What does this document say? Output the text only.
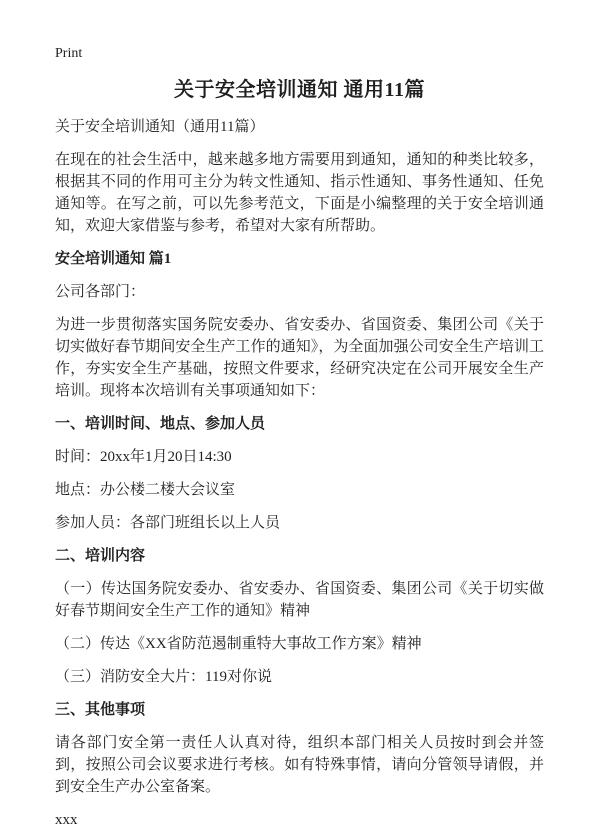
Print
关于安全培训通知 通用11篇

关于安全培训通知（通用11篇）

在现在的社会生活中，越来越多地方需要用到通知，通知的种类比较多，根据其不同的作用可主分为转文性通知、指示性通知、事务性通知、任免通知等。在写之前，可以先参考范文，下面是小编整理的关于安全培训通知，欢迎大家借鉴与参考，希望对大家有所帮助。

安全培训通知 篇1

公司各部门：

为进一步贯彻落实国务院安委办、省安委办、省国资委、集团公司《关于切实做好春节期间安全生产工作的通知》，为全面加强公司安全生产培训工作，夯实安全生产基础，按照文件要求，经研究决定在公司开展安全生产培训。现将本次培训有关事项通知如下：

一、培训时间、地点、参加人员

时间：20xx年1月20日14:30

地点：办公楼二楼大会议室

参加人员：各部门班组长以上人员

二、培训内容

（一）传达国务院安委办、省安委办、省国资委、集团公司《关于切实做好春节期间安全生产工作的通知》精神

（二）传达《XX省防范遏制重特大事故工作方案》精神

（三）消防安全大片：119对你说

三、其他事项

请各部门安全第一责任人认真对待，组织本部门相关人员按时到会并签到，按照公司会议要求进行考核。如有特殊事情，请向分管领导请假，并到安全生产办公室备案。

xxx
